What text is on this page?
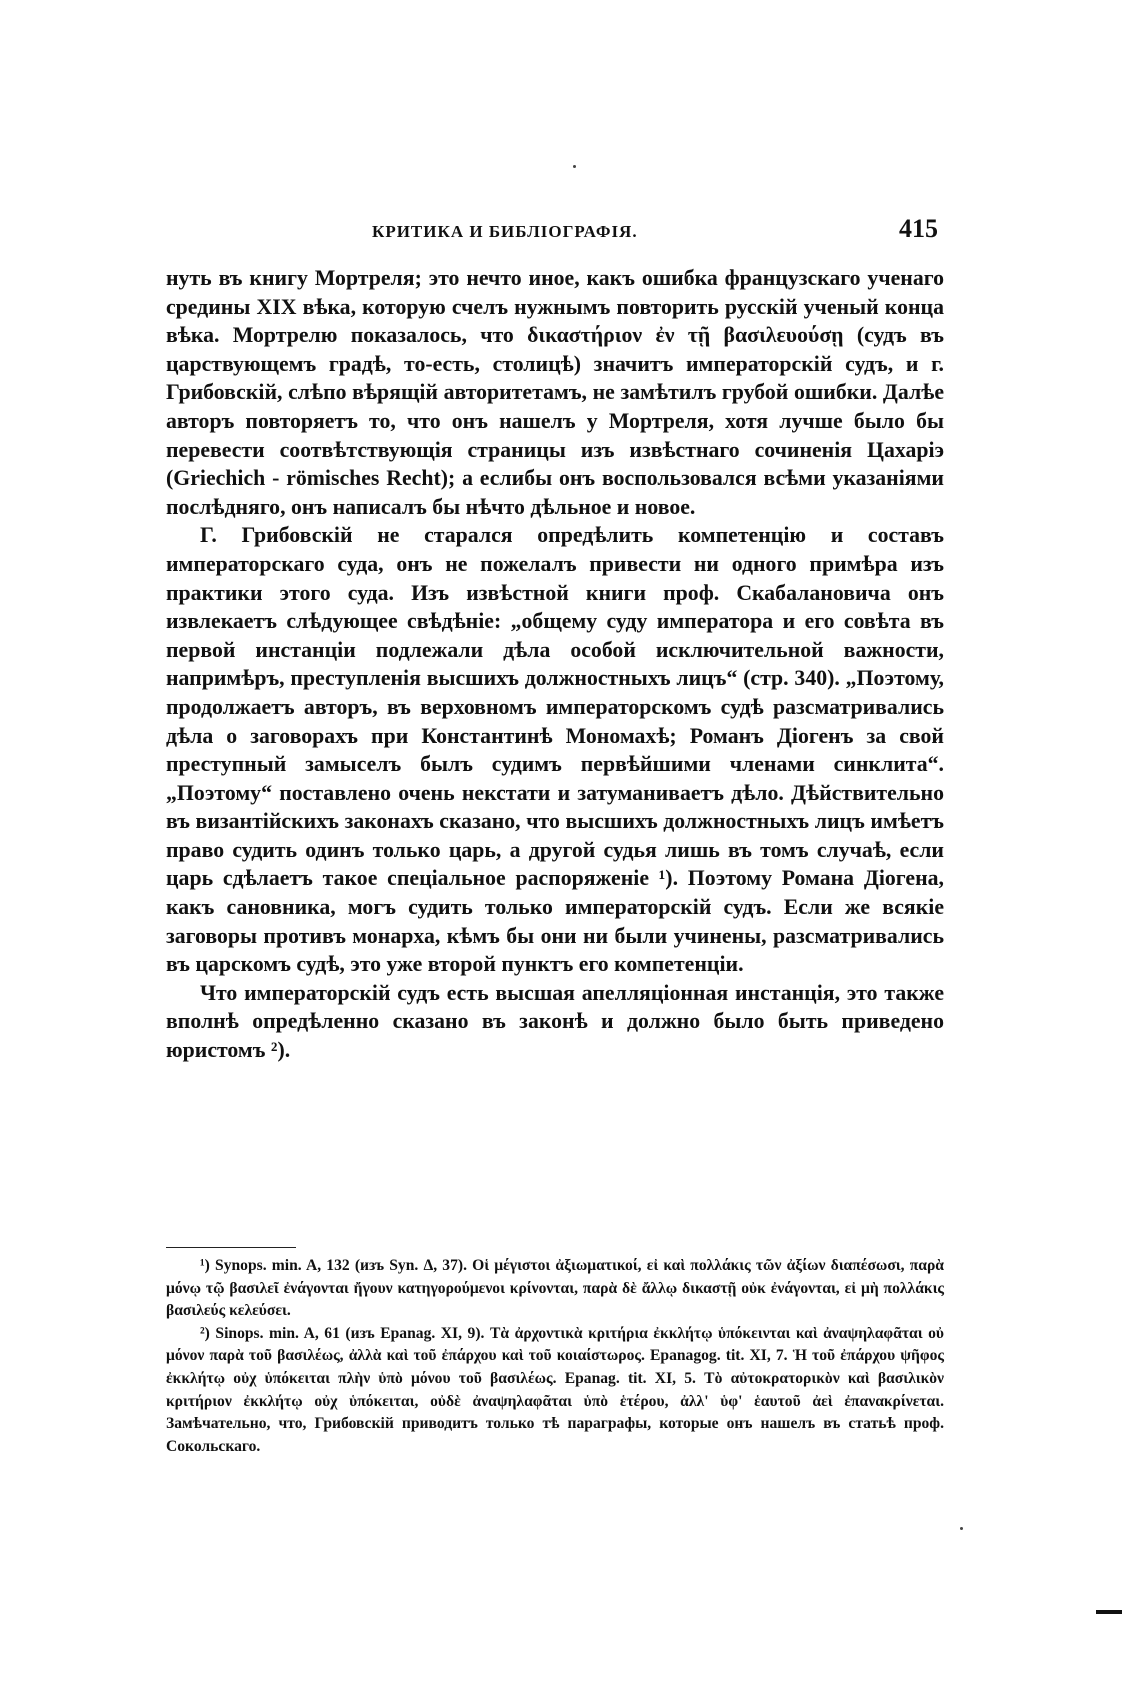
КРИТИКА И БИБЛІОГРАФІЯ.	415

нуть въ книгу Мортреля; это нечто иное, какъ ошибка французскаго ученаго средины XIX вѣка, которую счелъ нужнымъ повторить русскій ученый конца вѣка. Мортрелю показалось, что δικαστήριον ἐν τῇ βασιλευούσῃ (судъ въ царствующемъ градѣ, то-есть, столицѣ) значитъ императорскій судъ, и г. Грибовскій, слѣпо вѣрящій авторитетамъ, не замѣтилъ грубой ошибки. Далѣе авторъ повторяетъ то, что онъ нашелъ у Мортреля, хотя лучше было бы перевести соотвѣтствующія страницы изъ извѣстнаго сочиненія Цахаріэ (Griechich - römisches Recht); а еслибы онъ воспользовался всѣми указаніями послѣдняго, онъ написалъ бы нѣчто дѣльное и новое.

Г. Грибовскій не старался опредѣлить компетенцію и составъ императорскаго суда, онъ не пожелалъ привести ни одного примѣра изъ практики этого суда. Изъ извѣстной книги проф. Скабалановича онъ извлекаетъ слѣдующее свѣдѣніе: „общему суду императора и его совѣта въ первой инстанціи подлежали дѣла особой исключительной важности, напримѣръ, преступленія высшихъ должностныхъ лицъ“ (стр. 340). „Поэтому, продолжаетъ авторъ, въ верховномъ императорскомъ судѣ разсматривались дѣла о заговорахъ при Константинѣ Мономахѣ; Романъ Діогенъ за свой преступный замыселъ былъ судимъ первѣйшими членами синклита“. „Поэтому“ поставлено очень некстати и затуманиваетъ дѣло. Дѣйствительно въ византійскихъ законахъ сказано, что высшихъ должностныхъ лицъ имѣетъ право судить одинъ только царь, а другой судья лишь въ томъ случаѣ, если царь сдѣлаетъ такое спеціальное распоряженіе ¹). Поэтому Романа Діогена, какъ сановника, могъ судить только императорскій судъ. Если же всякіе заговоры противъ монарха, кѣмъ бы они ни были учинены, разсматривались въ царскомъ судѣ, это уже второй пунктъ его компетенціи.

Что императорскій судъ есть высшая апелляціонная инстанція, это также вполнѣ опредѣленно сказано въ законѣ и должно было быть приведено юристомъ ²).

¹) Synops. min. A, 132 (изъ Syn. Δ, 37). Οἱ μέγιστοι ἀξιωματικοί, εἰ καὶ πολλάκις τῶν ἀξίων διαπέσωσι, παρὰ μόνῳ τῷ βασιλεῖ ἐνάγονται ἤγουν κατηγορούμενοι κρίνονται, παρὰ δὲ ἄλλῳ δικαστῇ οὐκ ἐνάγονται, εἰ μὴ πολλάκις βασιλεύς κελεύσει.

²) Sinops. min. A, 61 (изъ Epanag. XI, 9). Τὰ ἀρχοντικὰ κριτήρια ἐκκλήτῳ ὑπόκεινται καὶ ἀναψηλαφᾶται οὐ μόνον παρὰ τοῦ βασιλέως, ἀλλὰ καὶ τοῦ ἐπάρχου καὶ τοῦ κοιαίστωρος. Epanagog. tit. XI, 7. Ἡ τοῦ ἐπάρχου ψῆφος ἐκκλήτῳ οὐχ ὑπόκειται πλὴν ὑπὸ μόνου τοῦ βασιλέως. Epanag. tit. XI, 5. Τὸ αὐτοκρατορικὸν καὶ βασιλικὸν κριτήριον ἐκκλήτῳ οὐχ ὑπόκειται, οὐδὲ ἀναψηλαφᾶται ὑπὸ ἑτέρου, ἀλλ' ὑφ' ἑαυτοῦ ἀεὶ ἐπανακρίνεται. Замѣчательно, что, Грибовскій приводитъ только тѣ параграфы, которые онъ нашелъ въ статьѣ проф. Сокольскаго.
